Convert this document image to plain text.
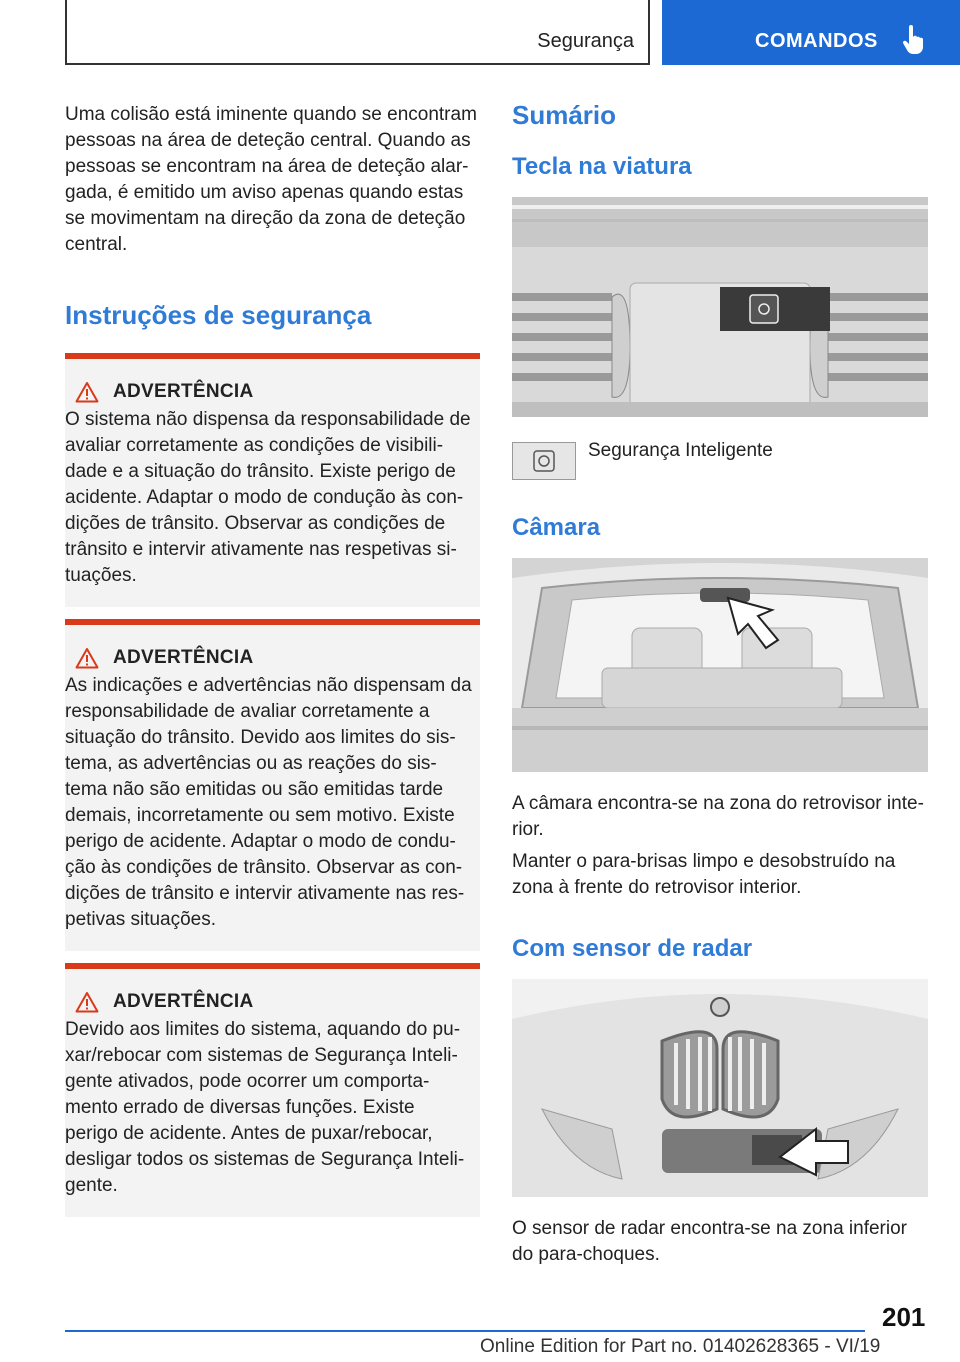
Segurança	COMANDOS

Uma colisão está iminente quando se encontram pessoas na área de deteção central. Quando as pessoas se encontram na área de deteção alargada, é emitido um aviso apenas quando estas se movimentam na direção da zona de deteção central.

Instruções de segurança
ADVERTÊNCIA

O sistema não dispensa da responsabilidade de avaliar corretamente as condições de visibilidade e a situação do trânsito. Existe perigo de acidente. Adaptar o modo de condução às condições de trânsito. Observar as condições de trânsito e intervir ativamente nas respetivas situações.

ADVERTÊNCIA

As indicações e advertências não dispensam da responsabilidade de avaliar corretamente a situação do trânsito. Devido aos limites do sistema, as advertências ou as reações do sistema não são emitidas ou são emitidas tarde demais, incorretamente ou sem motivo. Existe perigo de acidente. Adaptar o modo de condução às condições de trânsito. Observar as condições de trânsito e intervir ativamente nas respetivas situações.

ADVERTÊNCIA

Devido aos limites do sistema, aquando do puxar/rebocar com sistemas de Segurança Inteligente ativados, pode ocorrer um comportamento errado de diversas funções. Existe perigo de acidente. Antes de puxar/rebocar, desligar todos os sistemas de Segurança Inteligente.

Sumário
Tecla na viatura
Segurança Inteligente
Câmara

A câmara encontra-se na zona do retrovisor interior.

Manter o para-brisas limpo e desobstruído na zona à frente do retrovisor interior.

Com sensor de radar

O sensor de radar encontra-se na zona inferior do para-choques.

201
Online Edition for Part no. 01402628365 - VI/19
